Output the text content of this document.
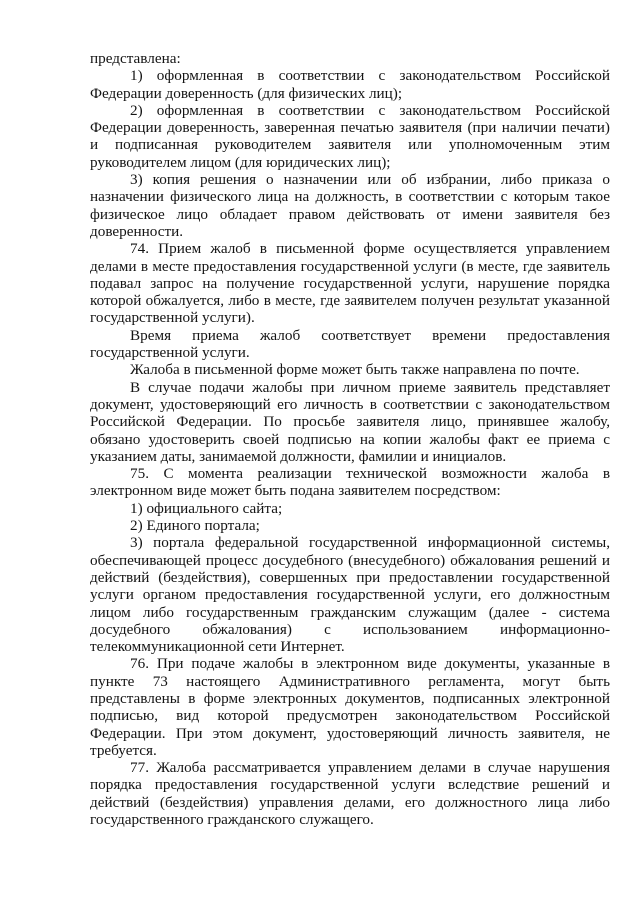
представлена:

1) оформленная в соответствии с законодательством Российской Федерации доверенность (для физических лиц);

2) оформленная в соответствии с законодательством Российской Федерации доверенность, заверенная печатью заявителя (при наличии печати) и подписанная руководителем заявителя или уполномоченным этим руководителем лицом (для юридических лиц);

3) копия решения о назначении или об избрании, либо приказа о назначении физического лица на должность, в соответствии с которым такое физическое лицо обладает правом действовать от имени заявителя без доверенности.

74. Прием жалоб в письменной форме осуществляется управлением делами в месте предоставления государственной услуги (в месте, где заявитель подавал запрос на получение государственной услуги, нарушение порядка которой обжалуется, либо в месте, где заявителем получен результат указанной государственной услуги).

Время приема жалоб соответствует времени предоставления государственной услуги.

Жалоба в письменной форме может быть также направлена по почте.

В случае подачи жалобы при личном приеме заявитель представляет документ, удостоверяющий его личность в соответствии с законодательством Российской Федерации. По просьбе заявителя лицо, принявшее жалобу, обязано удостоверить своей подписью на копии жалобы факт ее приема с указанием даты, занимаемой должности, фамилии и инициалов.

75. С момента реализации технической возможности жалоба в электронном виде может быть подана заявителем посредством:

1) официального сайта;

2) Единого портала;

3) портала федеральной государственной информационной системы, обеспечивающей процесс досудебного (внесудебного) обжалования решений и действий (бездействия), совершенных при предоставлении государственной услуги органом предоставления государственной услуги, его должностным лицом либо государственным гражданским служащим (далее - система досудебного обжалования) с использованием информационно-телекоммуникационной сети Интернет.

76. При подаче жалобы в электронном виде документы, указанные в пункте 73 настоящего Административного регламента, могут быть представлены в форме электронных документов, подписанных электронной подписью, вид которой предусмотрен законодательством Российской Федерации. При этом документ, удостоверяющий личность заявителя, не требуется.

77. Жалоба рассматривается управлением делами в случае нарушения порядка предоставления государственной услуги вследствие решений и действий (бездействия) управления делами, его должностного лица либо государственного гражданского служащего.
